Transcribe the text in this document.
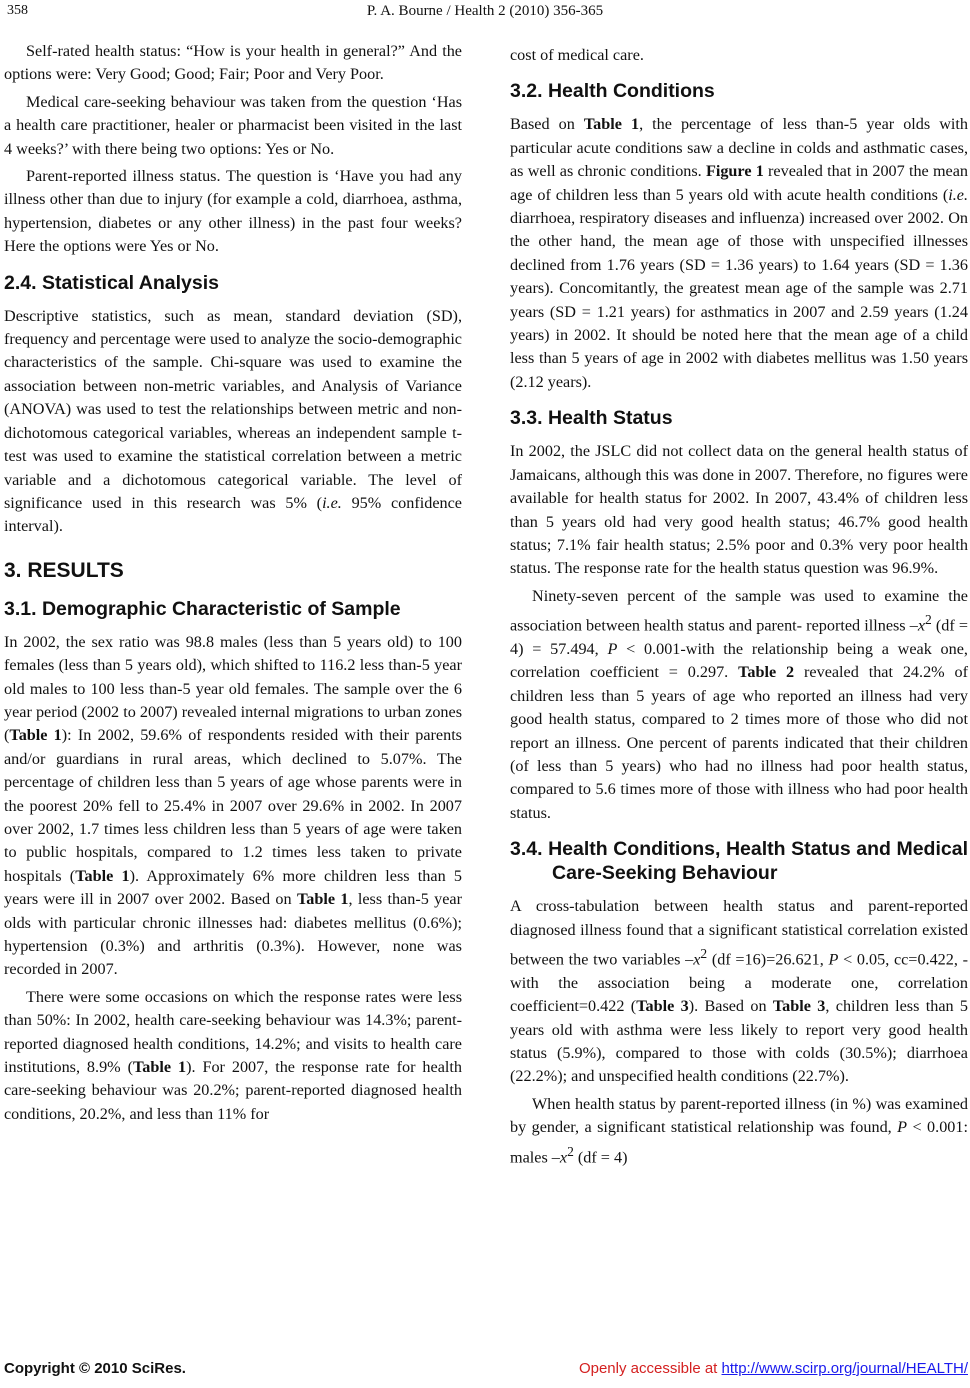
358	P. A. Bourne / Health 2 (2010) 356-365

Self-rated health status: “How is your health in general?” And the options were: Very Good; Good; Fair; Poor and Very Poor.

Medical care-seeking behaviour was taken from the question ‘Has a health care practitioner, healer or pharmacist been visited in the last 4 weeks?’ with there being two options: Yes or No.

Parent-reported illness status. The question is ‘Have you had any illness other than due to injury (for example a cold, diarrhoea, asthma, hypertension, diabetes or any other illness) in the past four weeks? Here the options were Yes or No.

2.4. Statistical Analysis

Descriptive statistics, such as mean, standard deviation (SD), frequency and percentage were used to analyze the socio-demographic characteristics of the sample. Chi-square was used to examine the association between non-metric variables, and Analysis of Variance (ANOVA) was used to test the relationships between metric and non-dichotomous categorical variables, whereas an independent sample t-test was used to examine the statistical correlation between a metric variable and a dichotomous categorical variable. The level of significance used in this research was 5% (i.e. 95% confidence interval).

3. RESULTS
3.1. Demographic Characteristic of Sample

In 2002, the sex ratio was 98.8 males (less than 5 years old) to 100 females (less than 5 years old), which shifted to 116.2 less than-5 year old males to 100 less than-5 year old females. The sample over the 6 year period (2002 to 2007) revealed internal migrations to urban zones (Table 1): In 2002, 59.6% of respondents resided with their parents and/or guardians in rural areas, which declined to 5.07%. The percentage of children less than 5 years of age whose parents were in the poorest 20% fell to 25.4% in 2007 over 29.6% in 2002. In 2007 over 2002, 1.7 times less children less than 5 years of age were taken to public hospitals, compared to 1.2 times less taken to private hospitals (Table 1). Approximately 6% more children less than 5 years were ill in 2007 over 2002. Based on Table 1, less than-5 year olds with particular chronic illnesses had: diabetes mellitus (0.6%); hypertension (0.3%) and arthritis (0.3%). However, none was recorded in 2007.

There were some occasions on which the response rates were less than 50%: In 2002, health care-seeking behaviour was 14.3%; parent-reported diagnosed health conditions, 14.2%; and visits to health care institutions, 8.9% (Table 1). For 2007, the response rate for health care-seeking behaviour was 20.2%; parent-reported diagnosed health conditions, 20.2%, and less than 11% for

cost of medical care.

3.2. Health Conditions

Based on Table 1, the percentage of less than-5 year olds with particular acute conditions saw a decline in colds and asthmatic cases, as well as chronic conditions. Figure 1 revealed that in 2007 the mean age of children less than 5 years old with acute health conditions (i.e. diarrhoea, respiratory diseases and influenza) increased over 2002. On the other hand, the mean age of those with unspecified illnesses declined from 1.76 years (SD = 1.36 years) to 1.64 years (SD = 1.36 years). Concomitantly, the greatest mean age of the sample was 2.71 years (SD = 1.21 years) for asthmatics in 2007 and 2.59 years (1.24 years) in 2002. It should be noted here that the mean age of a child less than 5 years of age in 2002 with diabetes mellitus was 1.50 years (2.12 years).

3.3. Health Status

In 2002, the JSLC did not collect data on the general health status of Jamaicans, although this was done in 2007. Therefore, no figures were available for health status for 2002. In 2007, 43.4% of children less than 5 years old had very good health status; 46.7% good health status; 7.1% fair health status; 2.5% poor and 0.3% very poor health status. The response rate for the health status question was 96.9%.

Ninety-seven percent of the sample was used to examine the association between health status and parent- reported illness $-x^2$ (df = 4) = 57.494, P < 0.001-with the relationship being a weak one, correlation coefficient = 0.297. Table 2 revealed that 24.2% of children less than 5 years of age who reported an illness had very good health status, compared to 2 times more of those who did not report an illness. One percent of parents indicated that their children (of less than 5 years) who had no illness had poor health status, compared to 5.6 times more of those with illness who had poor health status.

3.4. Health Conditions, Health Status and Medical Care-Seeking Behaviour

A cross-tabulation between health status and parent-reported diagnosed illness found that a significant statistical correlation existed between the two variables $-x^2$ (df =16)=26.621, P < 0.05, cc=0.422, -with the association being a moderate one, correlation coefficient=0.422 (Table 3). Based on Table 3, children less than 5 years old with asthma were less likely to report very good health status (5.9%), compared to those with colds (30.5%); diarrhoea (22.2%); and unspecified health conditions (22.7%).

When health status by parent-reported illness (in %) was examined by gender, a significant statistical relationship was found, P < 0.001: males $-x^2$ (df = 4)

Copyright © 2010 SciRes.	Openly accessible at http://www.scirp.org/journal/HEALTH/
